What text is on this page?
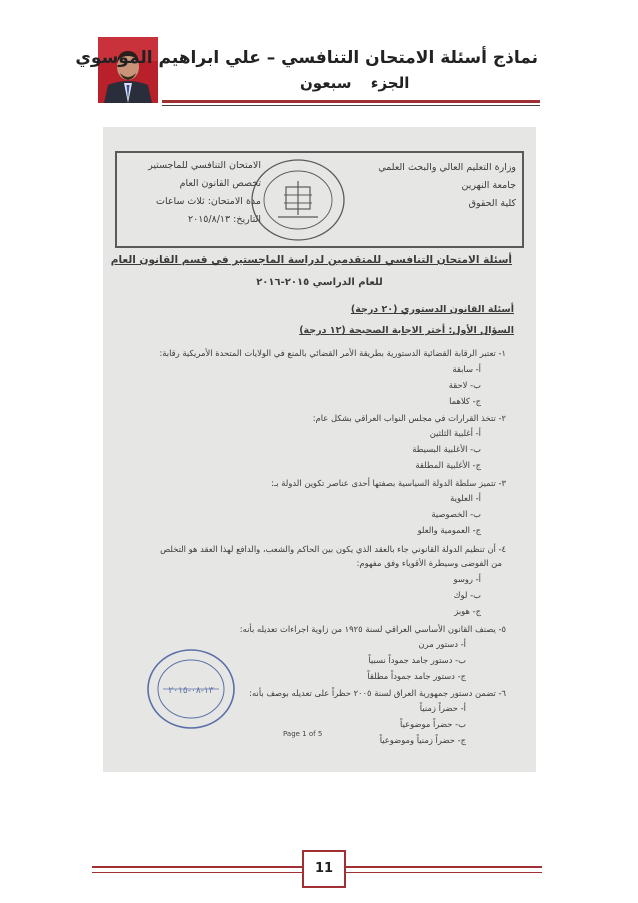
نماذج أسئلة الامتحان التنافسي – علي ابراهيم الموسوي
الجزء سبعون
وزارة التعليم العالي والبحث العلمي
جامعة النهرين
كلية الحقوق
الامتحان التنافسي للماجستير
تخصص القانون العام
مدة الامتحان: ثلاث ساعات
التاريخ: ٢٠١٥/٨/١٣
أسئلة الامتحان التنافسي للمتقدمين لدراسة الماجستير في قسم القانون العام
للعام الدراسي ٢٠١٥-٢٠١٦
أسئلة القانون الدستوري (٢٠ درجة)
السؤال الأول: أختر الاجابة الصحيحة (١٢ درجة)
١- تعتبر الرقابة القضائية الدستورية بطريقة الأمر القضائي بالمنع في الولايات المتحدة الأمريكية رقابة:
أ- سابقة
ب- لاحقة
ج- كلاهما
٢- تتخذ القرارات في مجلس النواب العراقي بشكل عام:
أ- أغلبية الثلثين
ب- الأغلبية البسيطة
ج- الأغلبية المطلقة
٣- تتميز سلطة الدولة السياسية بصفتها أحدى عناصر تكوين الدولة بـ:
أ- العلوية
ب- الخصوصية
ج- العمومية والعلو
٤- أن تنظيم الدولة القانوني جاء بالعقد الذي يكون بين الحاكم والشعب، والدافع لهذا العقد هو التخلص
من الفوضى وسيطرة الأقوياء وفق مفهوم:
أ- روسو
ب- لوك
ج- هوبز
٥- يصنف القانون الأساسي العراقي لسنة ١٩٢٥ من زاوية اجراءات تعديله بأنه:
أ- دستور مرن
ب- دستور جامد جموداً نسبياً
ج- دستور جامد جموداً مطلقاً
٦- تضمن دستور جمهورية العراق لسنة ٢٠٠٥ حظراً على تعديله بوصف بأنه:
أ- حضراً زمنياً
ب- حضراً موضوعياً
ج- حضراً زمنياً وموضوعياً
١٣-٠٨-٢٠١٥
Page 1 of 5
11
